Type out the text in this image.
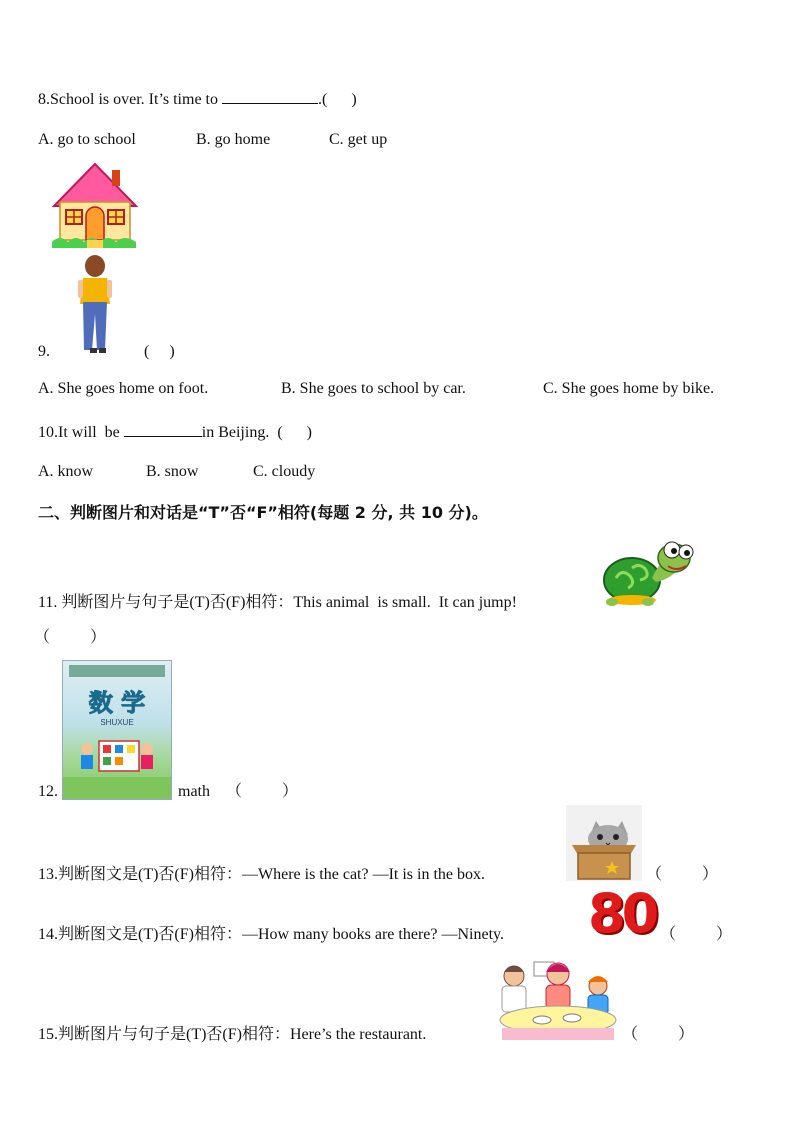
8.School is over. It’s time to	.(      )
A. go to school	B. go home	C. get up
9.	(     )
A. She goes home on foot.	B. She goes to school by car.	C. She goes home by bike.
10.It will  be	in Beijing.  (      )
A. know	B. snow	C. cloudy
二、判断图片和对话是“T”否“F”相符(每题 2 分, 共 10 分)。
11. 判断图片与句子是(T)否(F)相符：This animal  is small.  It can jump!
（          ）
数 学
SHUXUE
12.	math （          ）
13.判断图文是(T)否(F)相符：—Where is the cat? —It is in the box.	（          ）
80
14.判断图文是(T)否(F)相符：—How many books are there? —Ninety.	（          ）
15.判断图片与句子是(T)否(F)相符：Here’s the restaurant.	（          ）
